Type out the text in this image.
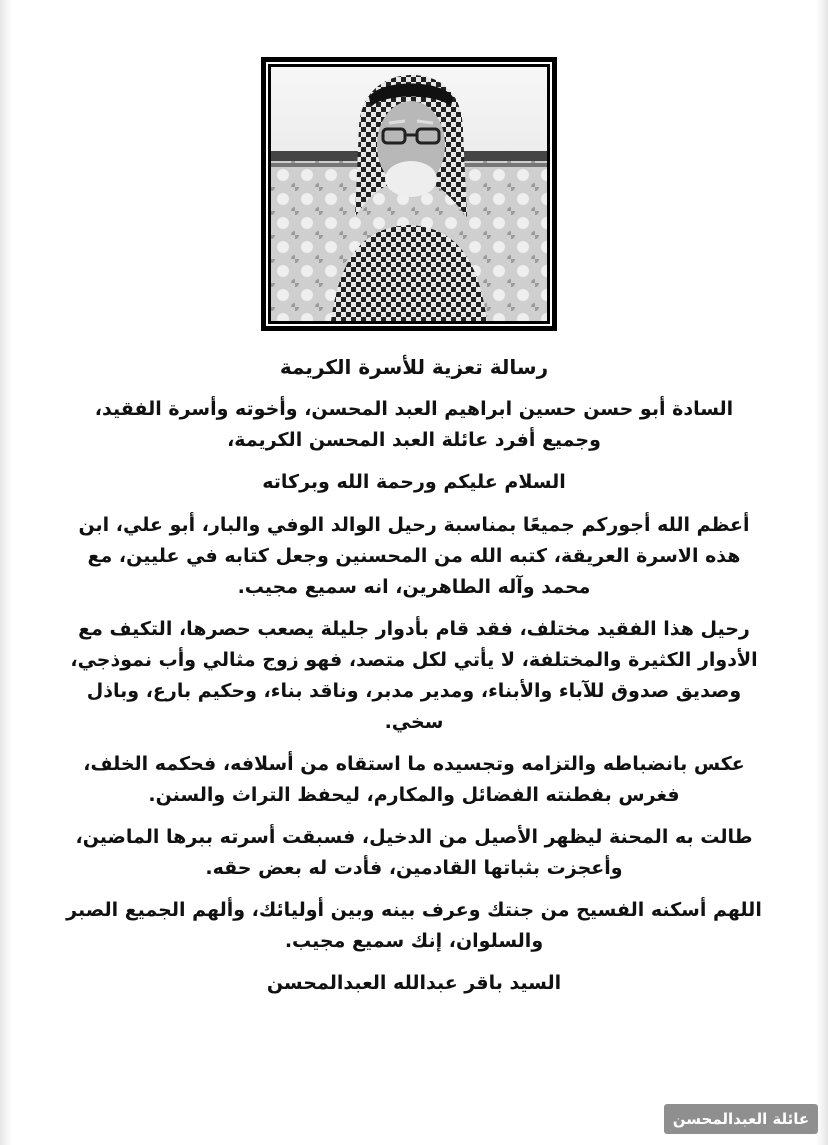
رسالة تعزية للأسرة الكريمة

السادة أبو حسن حسين ابراهيم العبد المحسن، وأخوته وأسرة الفقيد،
وجميع أفرد عائلة العبد المحسن الكريمة،

السلام عليكم ورحمة الله وبركاته

أعظم الله أجوركم جميعًا بمناسبة رحيل الوالد الوفي والبار، أبو علي، ابن هذه الاسرة العريقة، كتبه الله من المحسنين وجعل كتابه في عليين، مع محمد وآله الطاهرين، انه سميع مجيب.

رحيل هذا الفقيد مختلف، فقد قام بأدوار جليلة يصعب حصرها، التكيف مع الأدوار الكثيرة والمختلفة، لا يأتي لكل متصد، فهو زوج مثالي وأب نموذجي، وصديق صدوق للآباء والأبناء، ومدير مدبر، وناقد بناء، وحكيم بارع، وباذل سخي.

عكس بانضباطه والتزامه وتجسيده ما استقاه من أسلافه، فحكمه الخلف، فغرس بفطنته الفضائل والمكارم، ليحفظ التراث والسنن.

طالت به المحنة ليظهر الأصيل من الدخيل، فسبقت أسرته ببرها الماضين، وأعجزت بثباتها القادمين، فأدت له بعض حقه.

اللهم أسكنه الفسيح من جنتك وعرف بينه وبين أوليائك، وألهم الجميع الصبر والسلوان، إنك سميع مجيب.

السيد باقر عبدالله العبدالمحسن

عائلة العبدالمحسن
